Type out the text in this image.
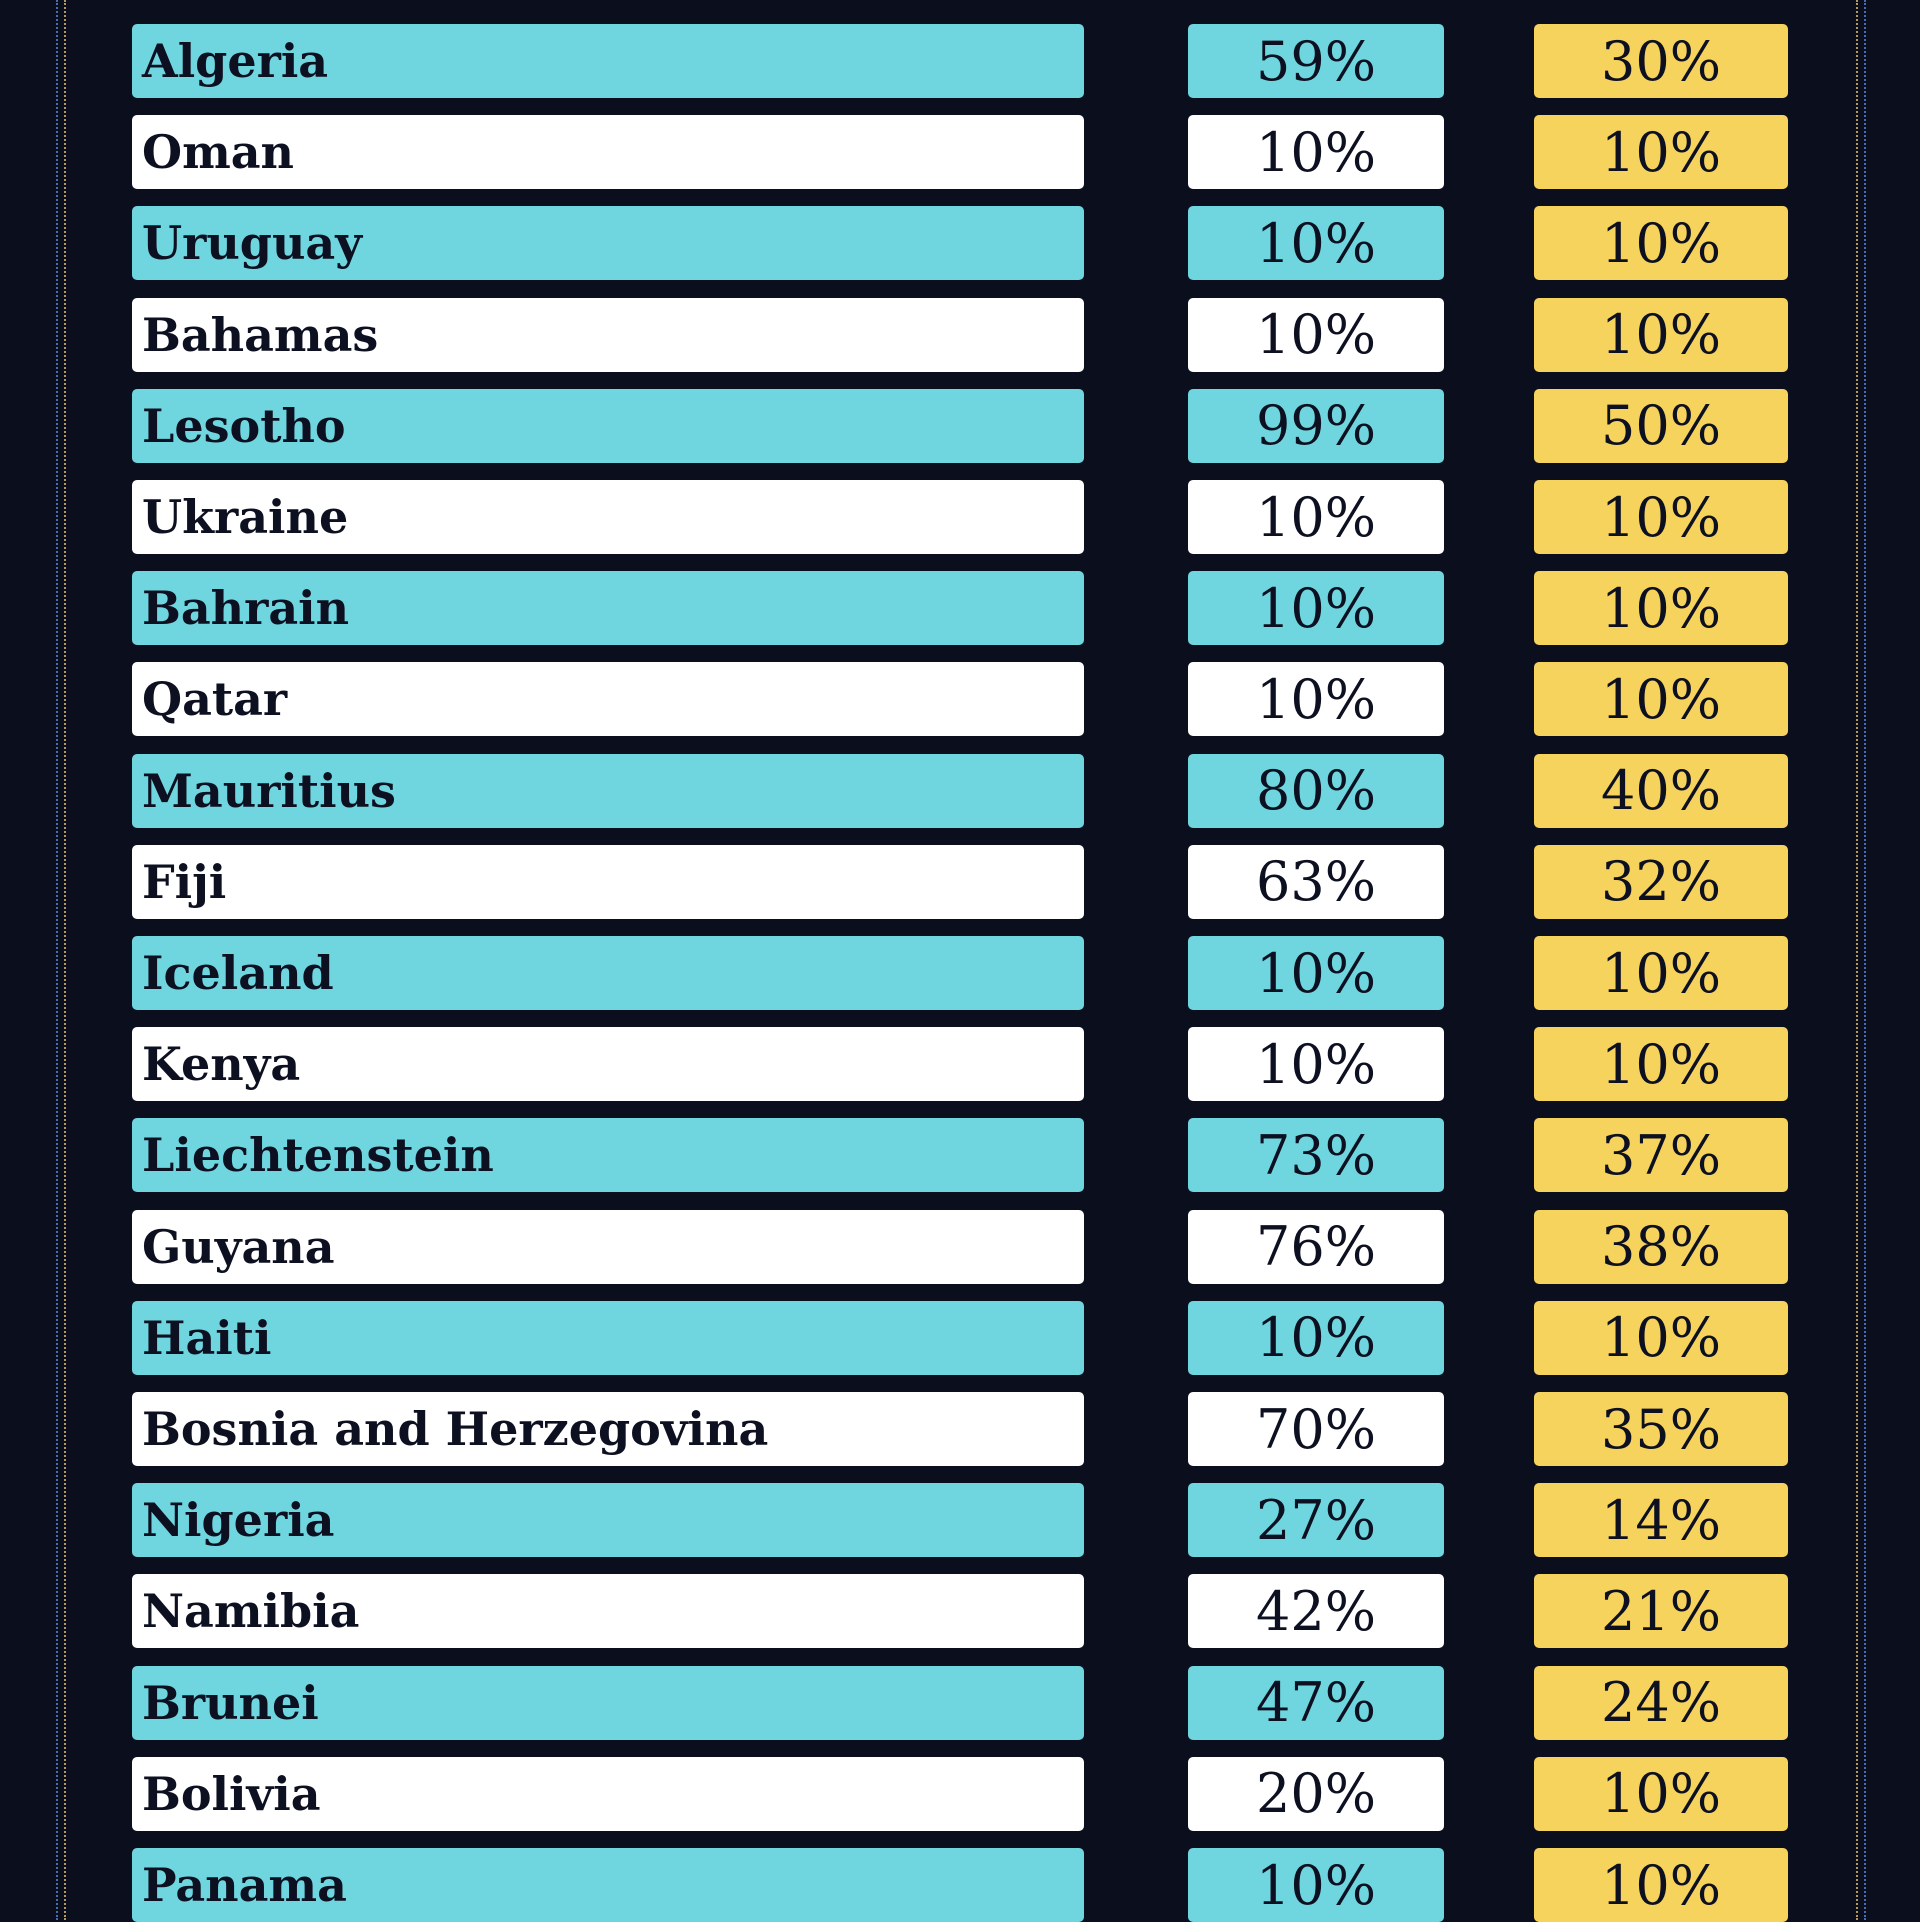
Algeria	59%	30%
Oman	10%	10%
Uruguay	10%	10%
Bahamas	10%	10%
Lesotho	99%	50%
Ukraine	10%	10%
Bahrain	10%	10%
Qatar	10%	10%
Mauritius	80%	40%
Fiji	63%	32%
Iceland	10%	10%
Kenya	10%	10%
Liechtenstein	73%	37%
Guyana	76%	38%
Haiti	10%	10%
Bosnia and Herzegovina	70%	35%
Nigeria	27%	14%
Namibia	42%	21%
Brunei	47%	24%
Bolivia	20%	10%
Panama	10%	10%
